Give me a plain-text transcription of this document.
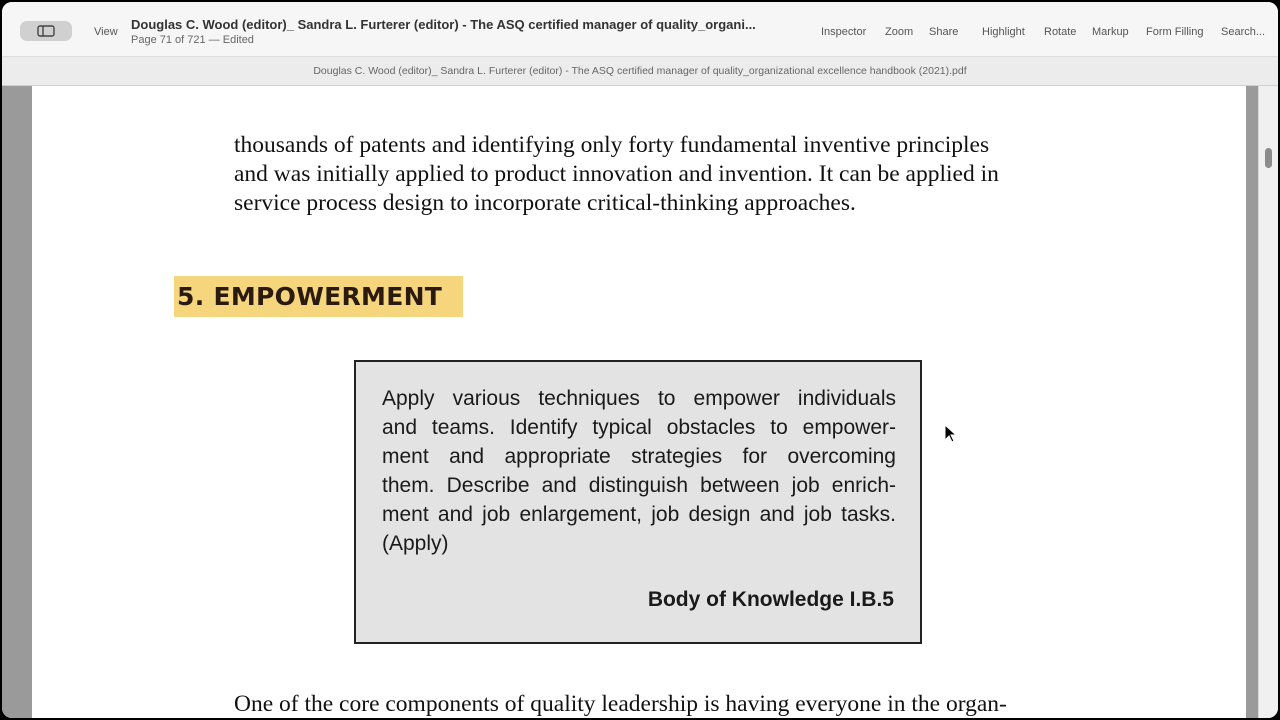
View Douglas C. Wood (editor)_ Sandra L. Furterer (editor) - The ASQ certified manager of quality_organi...
Page 71 of 721 — Edited
Inspector Zoom Share Highlight Rotate Markup Form Filling Search...
Douglas C. Wood (editor)_ Sandra L. Furterer (editor) - The ASQ certified manager of quality_organizational excellence handbook (2021).pdf
thousands of patents and identifying only forty fundamental inventive principles
and was initially applied to product innovation and invention. It can be applied in
service process design to incorporate critical-thinking approaches.
5. EMPOWERMENT
Apply various techniques to empower individuals
and teams. Identify typical obstacles to empower-
ment and appropriate strategies for overcoming
them. Describe and distinguish between job enrich-
ment and job enlargement, job design and job tasks.
(Apply)
Body of Knowledge I.B.5
One of the core components of quality leadership is having everyone in the organ-
InShOt
